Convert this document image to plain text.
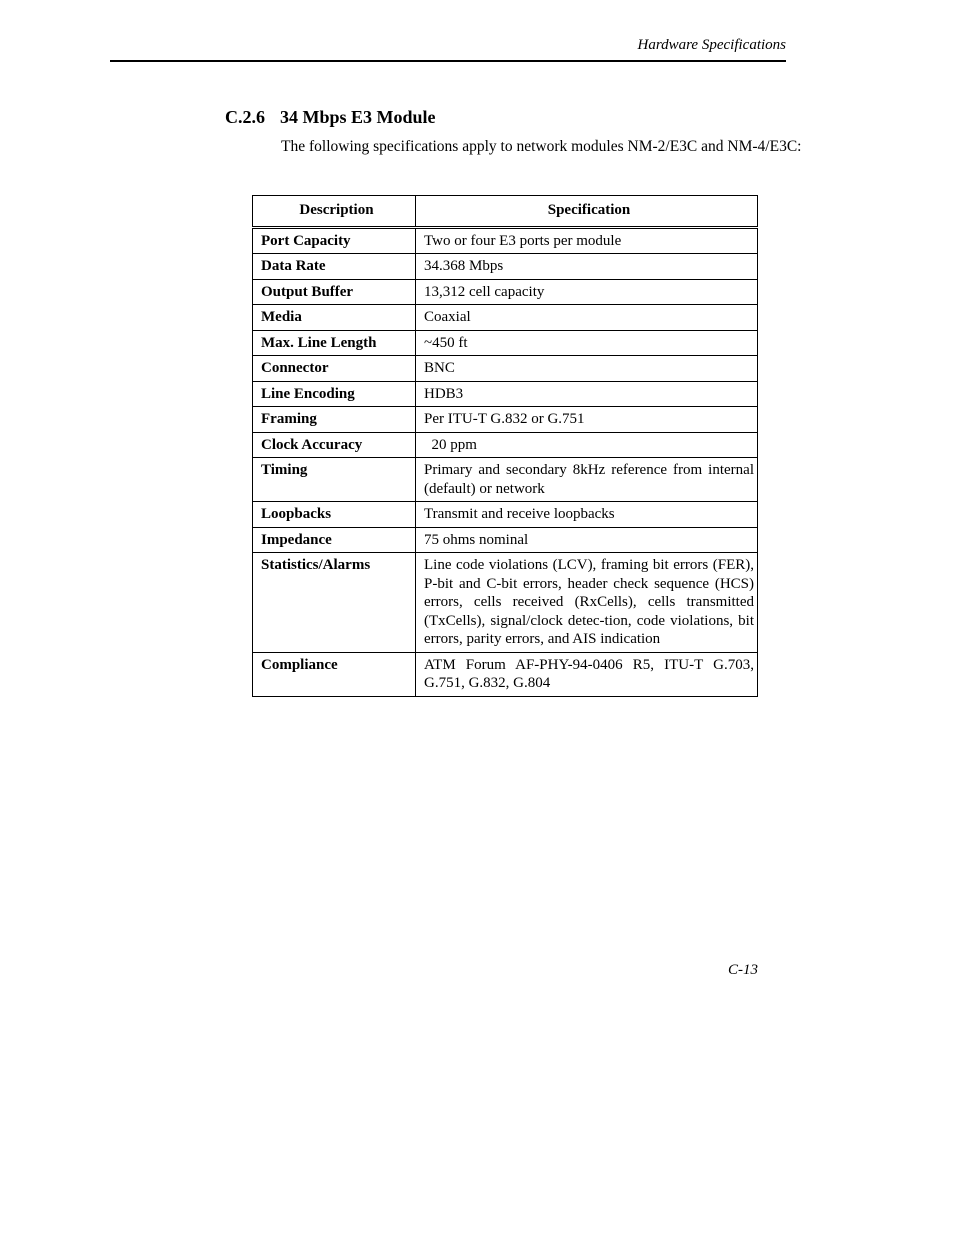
Hardware Specifications
C.2.6 34 Mbps E3 Module
The following specifications apply to network modules NM-2/E3C and NM-4/E3C:
Description	Specification
Port Capacity	Two or four E3 ports per module
Data Rate	34.368 Mbps
Output Buffer	13,312 cell capacity
Media	Coaxial
Max. Line Length	~450 ft
Connector	BNC
Line Encoding	HDB3
Framing	Per ITU-T G.832 or G.751
Clock Accuracy	20 ppm
Timing	Primary and secondary 8kHz reference from internal (default) or network
Loopbacks	Transmit and receive loopbacks
Impedance	75 ohms nominal
Statistics/Alarms	Line code violations (LCV), framing bit errors (FER), P-bit and C-bit errors, header check sequence (HCS) errors, cells received (RxCells), cells transmitted (TxCells), signal/clock detec-tion, code violations, bit errors, parity errors, and AIS indication
Compliance	ATM Forum AF-PHY-94-0406 R5, ITU-T G.703, G.751, G.832, G.804
C-13
